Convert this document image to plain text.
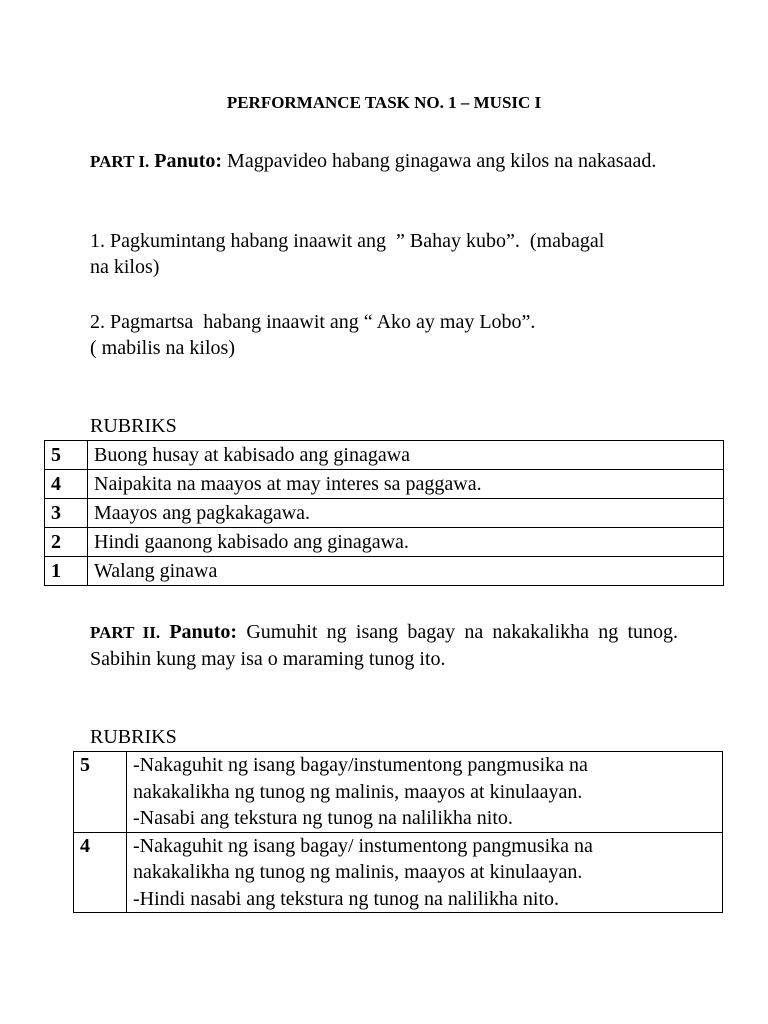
PERFORMANCE TASK NO. 1 – MUSIC I
PART I. Panuto: Magpavideo habang ginagawa ang kilos na nakasaad.
1. Pagkumintang habang inaawit ang  ” Bahay kubo”.  (mabagal
na kilos)
2. Pagmartsa  habang inaawit ang “ Ako ay may Lobo”.
( mabilis na kilos)
RUBRIKS
5	Buong husay at kabisado ang ginagawa
4	Naipakita na maayos at may interes sa paggawa.
3	Maayos ang pagkakagawa.
2	Hindi gaanong kabisado ang ginagawa.
1	Walang ginawa
PART II. Panuto: Gumuhit ng isang bagay na nakakalikha ng tunog. Sabihin kung may isa o maraming tunog ito.
RUBRIKS
5	-Nakaguhit ng isang bagay/instumentong pangmusika na
nakakalikha ng tunog ng malinis, maayos at kinulaayan.
-Nasabi ang tekstura ng tunog na nalilikha nito.

4	-Nakaguhit ng isang bagay/ instumentong pangmusika na
nakakalikha ng tunog ng malinis, maayos at kinulaayan.
-Hindi nasabi ang tekstura ng tunog na nalilikha nito.
